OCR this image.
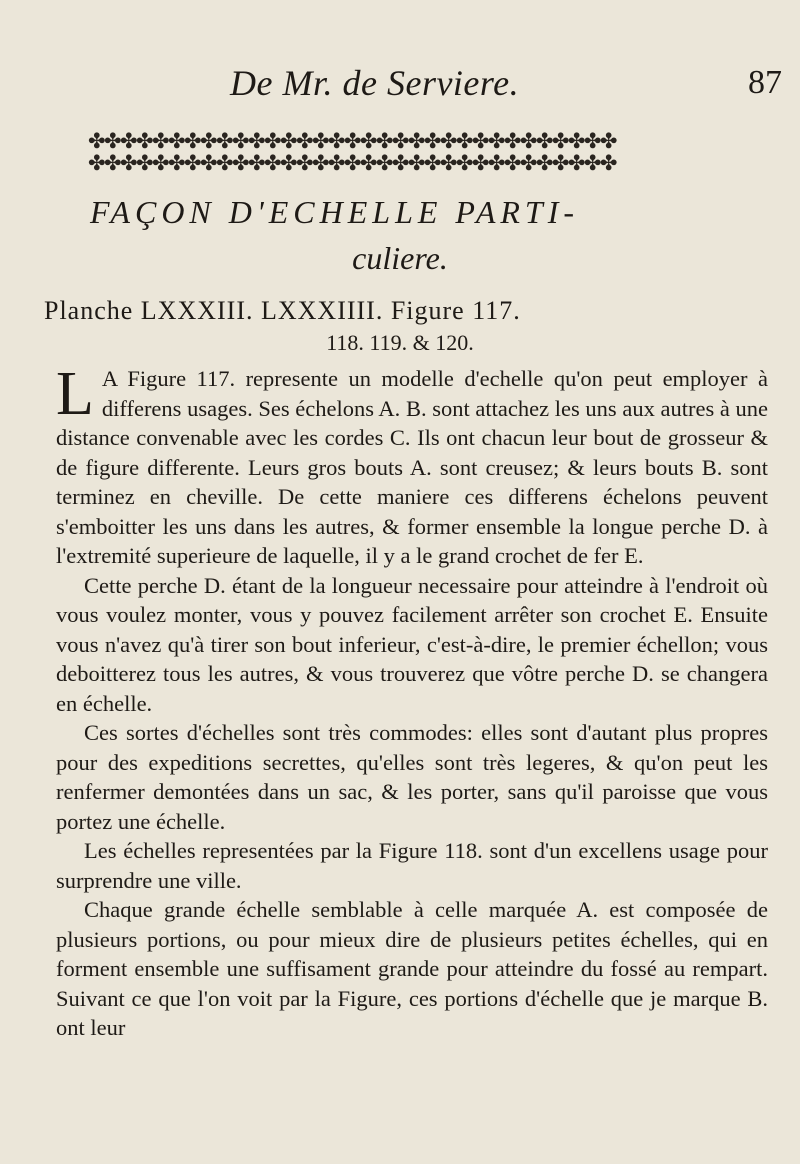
De Mr. de Serviere.	87
✤✤✤✤✤✤✤✤✤✤✤✤✤✤✤✤✤✤✤✤✤✤✤✤✤✤✤✤✤✤✤✤✤
✤✤✤✤✤✤✤✤✤✤✤✤✤✤✤✤✤✤✤✤✤✤✤✤✤✤✤✤✤✤✤✤✤
FAÇON D'ECHELLE PARTI-
culiere.
Planche LXXXIII. LXXXIIII. Figure 117.
118. 119. & 120.

L A Figure 117. represente un modelle d'echelle qu'on peut employer à differens usages. Ses échelons A. B. sont attachez les uns aux autres à une distance convenable avec les cordes C. Ils ont chacun leur bout de grosseur & de figure differente. Leurs gros bouts A. sont creusez; & leurs bouts B. sont terminez en cheville. De cette maniere ces differens échelons peuvent s'emboitter les uns dans les autres, & former ensemble la longue perche D. à l'extremité superieure de laquelle, il y a le grand crochet de fer E.

Cette perche D. étant de la longueur necessaire pour atteindre à l'endroit où vous voulez monter, vous y pouvez facilement arrêter son crochet E. Ensuite vous n'avez qu'à tirer son bout inferieur, c'est-à-dire, le premier échellon; vous deboitterez tous les autres, & vous trouverez que vôtre perche D. se changera en échelle.

Ces sortes d'échelles sont très commodes: elles sont d'autant plus propres pour des expeditions secrettes, qu'elles sont très legeres, & qu'on peut les renfermer demontées dans un sac, & les porter, sans qu'il paroisse que vous portez une échelle.

Les échelles representées par la Figure 118. sont d'un excellens usage pour surprendre une ville.

Chaque grande échelle semblable à celle marquée A. est composée de plusieurs portions, ou pour mieux dire de plusieurs petites échelles, qui en forment ensemble une suffisament grande pour atteindre du fossé au rempart. Suivant ce que l'on voit par la Figure, ces portions d'échelle que je marque B. ont leur
